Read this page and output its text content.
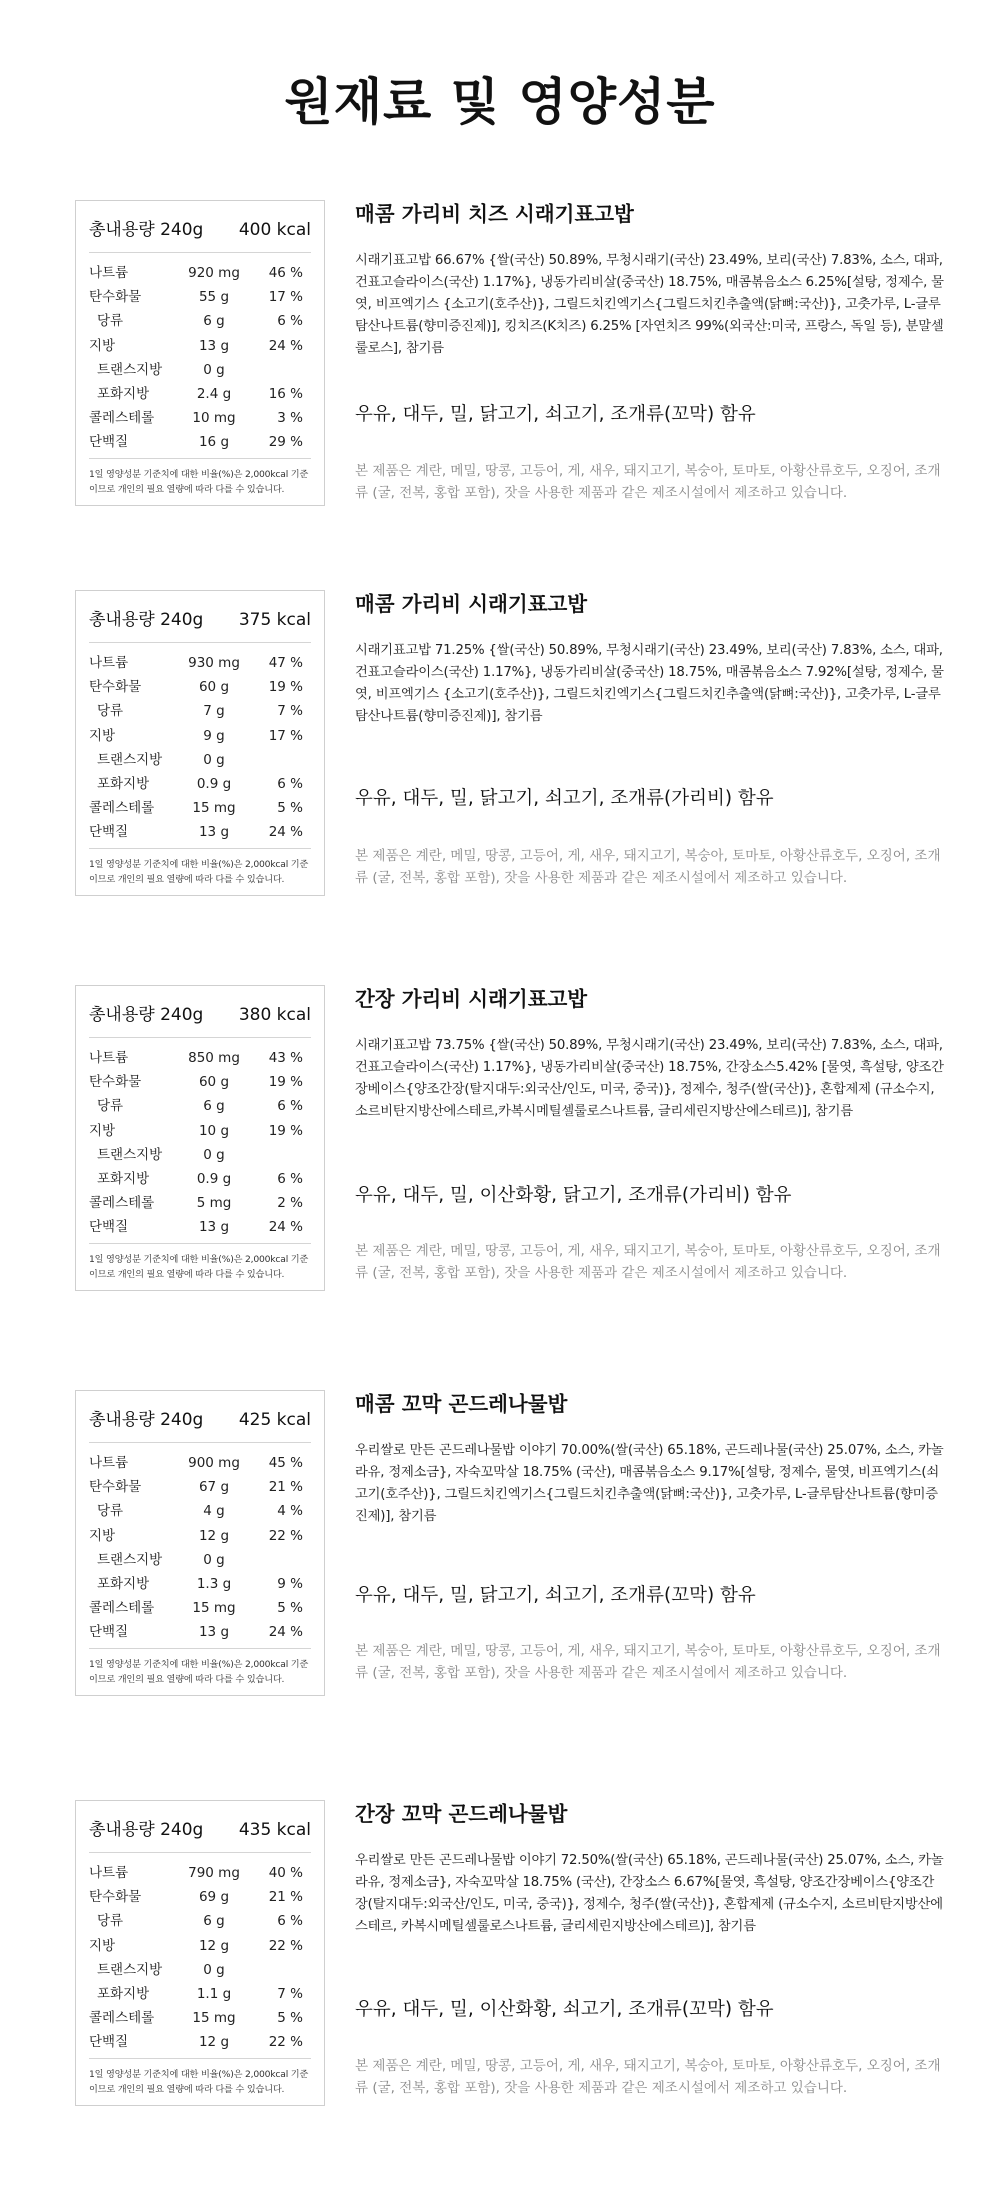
원재료 및 영양성분
총내용량 240g 400 kcal
나트륨	920 mg	46 %
탄수화물	55 g	17 %
당류	6 g	6 %
지방	13 g	24 %
트랜스지방	0 g
포화지방	2.4 g	16 %
콜레스테롤	10 mg	3 %
단백질	16 g	29 %
1일 영양성분 기준치에 대한 비율(%)은 2,000kcal 기준이므로 개인의 필요 열량에 따라 다를 수 있습니다.
매콤 가리비 치즈 시래기표고밥
시래기표고밥 66.67% {쌀(국산) 50.89%, 무청시래기(국산) 23.49%, 보리(국산) 7.83%, 소스, 대파, 건표고슬라이스(국산) 1.17%}, 냉동가리비살(중국산) 18.75%, 매콤볶음소스 6.25%[설탕, 정제수, 물엿, 비프엑기스 {소고기(호주산)}, 그릴드치킨엑기스{그릴드치킨추출액(닭뼈:국산)}, 고춧가루, L-글루탐산나트륨(향미증진제)], 킹치즈(K치즈) 6.25% [자연치즈 99%(외국산:미국, 프랑스, 독일 등), 분말셀룰로스], 참기름
우유, 대두, 밀, 닭고기, 쇠고기, 조개류(꼬막) 함유
본 제품은 계란, 메밀, 땅콩, 고등어, 게, 새우, 돼지고기, 복숭아, 토마토, 아황산류호두, 오징어, 조개류 (굴, 전복, 홍합 포함), 잣을 사용한 제품과 같은 제조시설에서 제조하고 있습니다.
총내용량 240g 375 kcal
나트륨	930 mg	47 %
탄수화물	60 g	19 %
당류	7 g	7 %
지방	9 g	17 %
트랜스지방	0 g
포화지방	0.9 g	6 %
콜레스테롤	15 mg	5 %
단백질	13 g	24 %
1일 영양성분 기준치에 대한 비율(%)은 2,000kcal 기준이므로 개인의 필요 열량에 따라 다를 수 있습니다.
매콤 가리비 시래기표고밥
시래기표고밥 71.25% {쌀(국산) 50.89%, 무청시래기(국산) 23.49%, 보리(국산) 7.83%, 소스, 대파, 건표고슬라이스(국산) 1.17%}, 냉동가리비살(중국산) 18.75%, 매콤볶음소스 7.92%[설탕, 정제수, 물엿, 비프엑기스 {소고기(호주산)}, 그릴드치킨엑기스{그릴드치킨추출액(닭뼈:국산)}, 고춧가루, L-글루탐산나트륨(향미증진제)], 참기름
우유, 대두, 밀, 닭고기, 쇠고기, 조개류(가리비) 함유
본 제품은 계란, 메밀, 땅콩, 고등어, 게, 새우, 돼지고기, 복숭아, 토마토, 아황산류호두, 오징어, 조개류 (굴, 전복, 홍합 포함), 잣을 사용한 제품과 같은 제조시설에서 제조하고 있습니다.
총내용량 240g 380 kcal
나트륨	850 mg	43 %
탄수화물	60 g	19 %
당류	6 g	6 %
지방	10 g	19 %
트랜스지방	0 g
포화지방	0.9 g	6 %
콜레스테롤	5 mg	2 %
단백질	13 g	24 %
1일 영양성분 기준치에 대한 비율(%)은 2,000kcal 기준이므로 개인의 필요 열량에 따라 다를 수 있습니다.
간장 가리비 시래기표고밥
시래기표고밥 73.75% {쌀(국산) 50.89%, 무청시래기(국산) 23.49%, 보리(국산) 7.83%, 소스, 대파, 건표고슬라이스(국산) 1.17%}, 냉동가리비살(중국산) 18.75%, 간장소스5.42% [물엿, 흑설탕, 양조간장베이스{양조간장(탈지대두:외국산/인도, 미국, 중국)}, 정제수, 청주(쌀(국산)}, 혼합제제 (규소수지, 소르비탄지방산에스테르,카복시메틸셀룰로스나트륨, 글리세린지방산에스테르)], 참기름
우유, 대두, 밀, 이산화황, 닭고기, 조개류(가리비) 함유
본 제품은 계란, 메밀, 땅콩, 고등어, 게, 새우, 돼지고기, 복숭아, 토마토, 아황산류호두, 오징어, 조개류 (굴, 전복, 홍합 포함), 잣을 사용한 제품과 같은 제조시설에서 제조하고 있습니다.
총내용량 240g 425 kcal
나트륨	900 mg	45 %
탄수화물	67 g	21 %
당류	4 g	4 %
지방	12 g	22 %
트랜스지방	0 g
포화지방	1.3 g	9 %
콜레스테롤	15 mg	5 %
단백질	13 g	24 %
1일 영양성분 기준치에 대한 비율(%)은 2,000kcal 기준이므로 개인의 필요 열량에 따라 다를 수 있습니다.
매콤 꼬막 곤드레나물밥
우리쌀로 만든 곤드레나물밥 이야기 70.00%(쌀(국산) 65.18%, 곤드레나물(국산) 25.07%, 소스, 카놀라유, 정제소금}, 자숙꼬막살 18.75% (국산), 매콤볶음소스 9.17%[설탕, 정제수, 물엿, 비프엑기스(쇠고기(호주산)}, 그릴드치킨엑기스{그릴드치킨추출액(닭뼈:국산)}, 고춧가루, L-글루탐산나트륨(향미증진제)], 참기름
우유, 대두, 밀, 닭고기, 쇠고기, 조개류(꼬막) 함유
본 제품은 계란, 메밀, 땅콩, 고등어, 게, 새우, 돼지고기, 복숭아, 토마토, 아황산류호두, 오징어, 조개류 (굴, 전복, 홍합 포함), 잣을 사용한 제품과 같은 제조시설에서 제조하고 있습니다.
총내용량 240g 435 kcal
나트륨	790 mg	40 %
탄수화물	69 g	21 %
당류	6 g	6 %
지방	12 g	22 %
트랜스지방	0 g
포화지방	1.1 g	7 %
콜레스테롤	15 mg	5 %
단백질	12 g	22 %
1일 영양성분 기준치에 대한 비율(%)은 2,000kcal 기준이므로 개인의 필요 열량에 따라 다를 수 있습니다.
간장 꼬막 곤드레나물밥
우리쌀로 만든 곤드레나물밥 이야기 72.50%(쌀(국산) 65.18%, 곤드레나물(국산) 25.07%, 소스, 카놀라유, 정제소금}, 자숙꼬막살 18.75% (국산), 간장소스 6.67%[물엿, 흑설탕, 양조간장베이스{양조간장(탈지대두:외국산/인도, 미국, 중국)}, 정제수, 청주(쌀(국산)}, 혼합제제 (규소수지, 소르비탄지방산에스테르, 카복시메틸셀룰로스나트륨, 글리세린지방산에스테르)], 참기름
우유, 대두, 밀, 이산화황, 쇠고기, 조개류(꼬막) 함유
본 제품은 계란, 메밀, 땅콩, 고등어, 게, 새우, 돼지고기, 복숭아, 토마토, 아황산류호두, 오징어, 조개류 (굴, 전복, 홍합 포함), 잣을 사용한 제품과 같은 제조시설에서 제조하고 있습니다.
